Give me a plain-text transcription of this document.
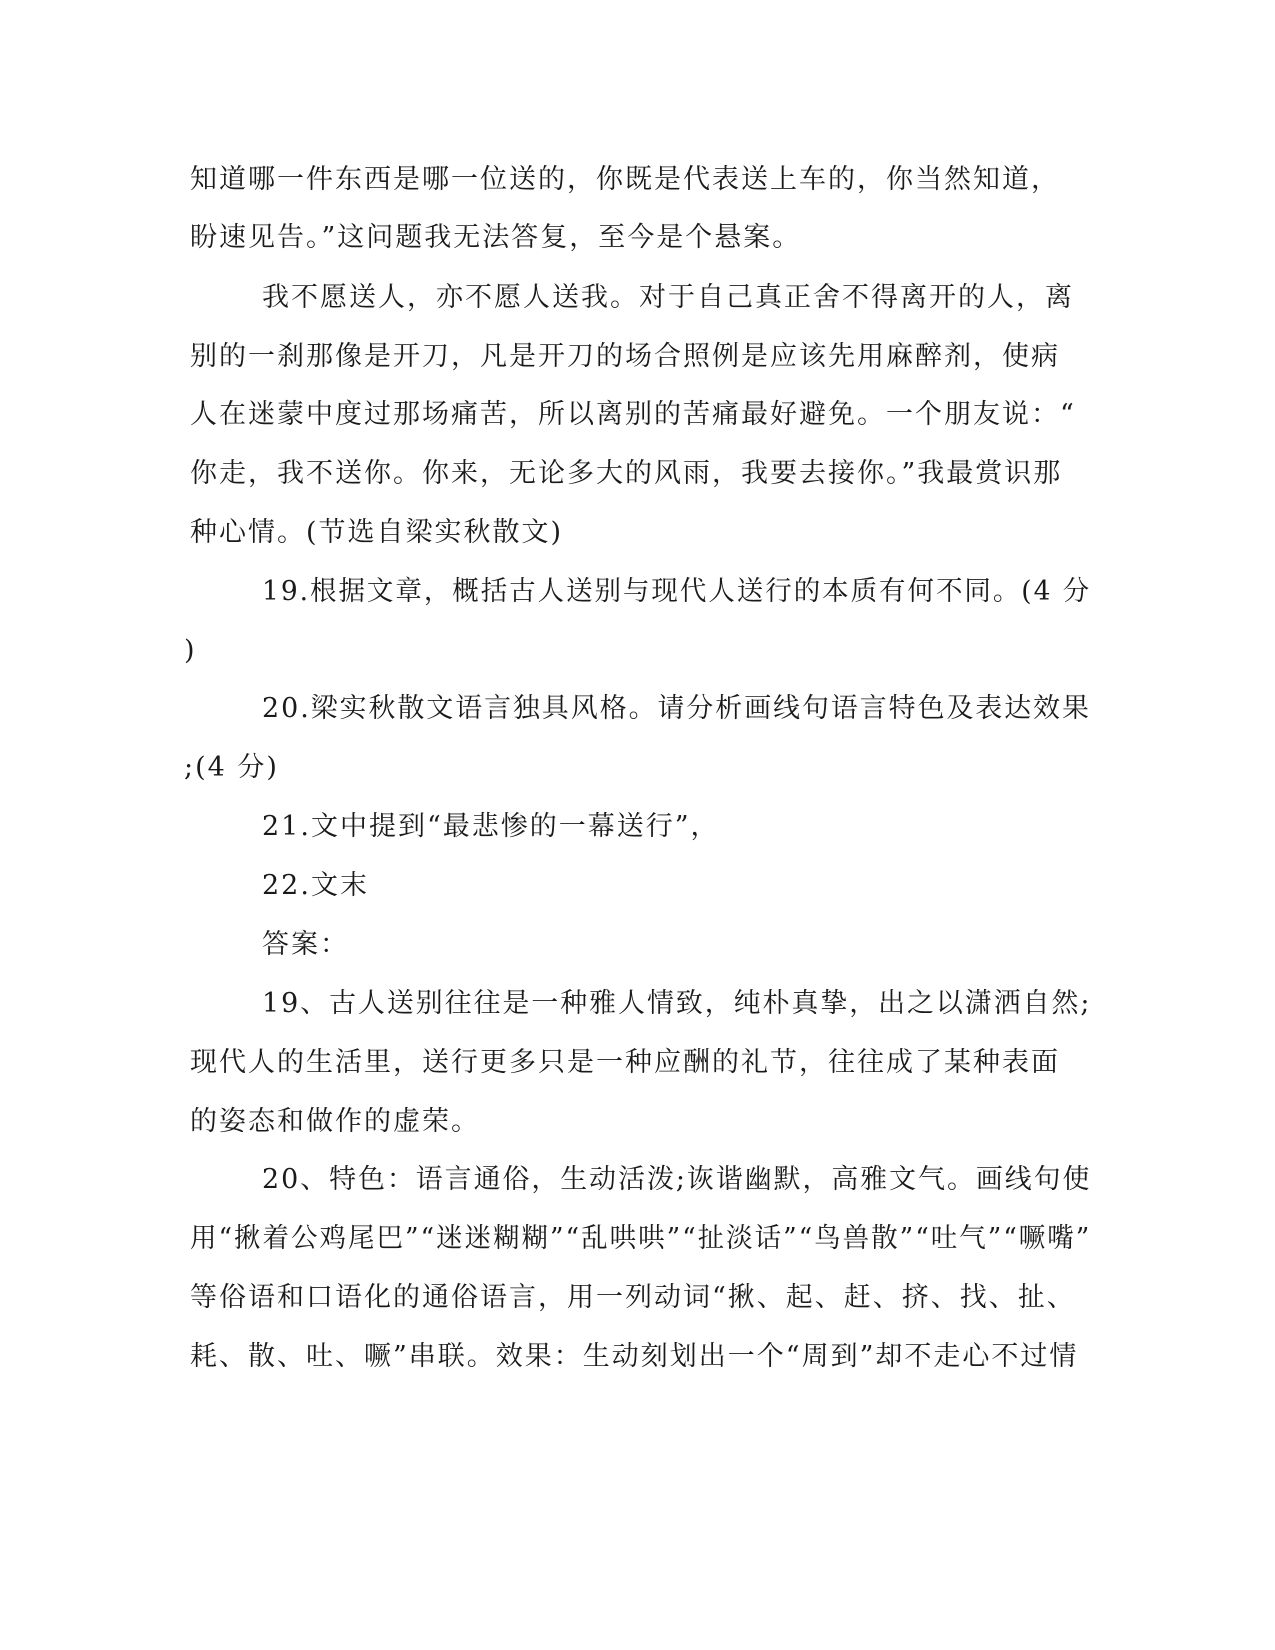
知道哪一件东西是哪一位送的，你既是代表送上车的，你当然知道，
盼速见告。”这问题我无法答复，至今是个悬案。
我不愿送人，亦不愿人送我。对于自己真正舍不得离开的人，离
别的一刹那像是开刀，凡是开刀的场合照例是应该先用麻醉剂，使病
人在迷蒙中度过那场痛苦，所以离别的苦痛最好避免。一个朋友说：“
你走，我不送你。你来，无论多大的风雨，我要去接你。”我最赏识那
种心情。(节选自梁实秋散文)
19.根据文章，概括古人送别与现代人送行的本质有何不同。(4 分
)
20.梁实秋散文语言独具风格。请分析画线句语言特色及表达效果
;(4 分)
21.文中提到“最悲惨的一幕送行”，
22.文末
答案：
19、古人送别往往是一种雅人情致，纯朴真挚，出之以潇洒自然;
现代人的生活里，送行更多只是一种应酬的礼节，往往成了某种表面
的姿态和做作的虚荣。
20、特色：语言通俗，生动活泼;诙谐幽默，高雅文气。画线句使
用“揪着公鸡尾巴”“迷迷糊糊”“乱哄哄”“扯淡话”“鸟兽散”“吐气”“噘嘴”
等俗语和口语化的通俗语言，用一列动词“揪、起、赶、挤、找、扯、
耗、散、吐、噘”串联。效果：生动刻划出一个“周到”却不走心不过情
